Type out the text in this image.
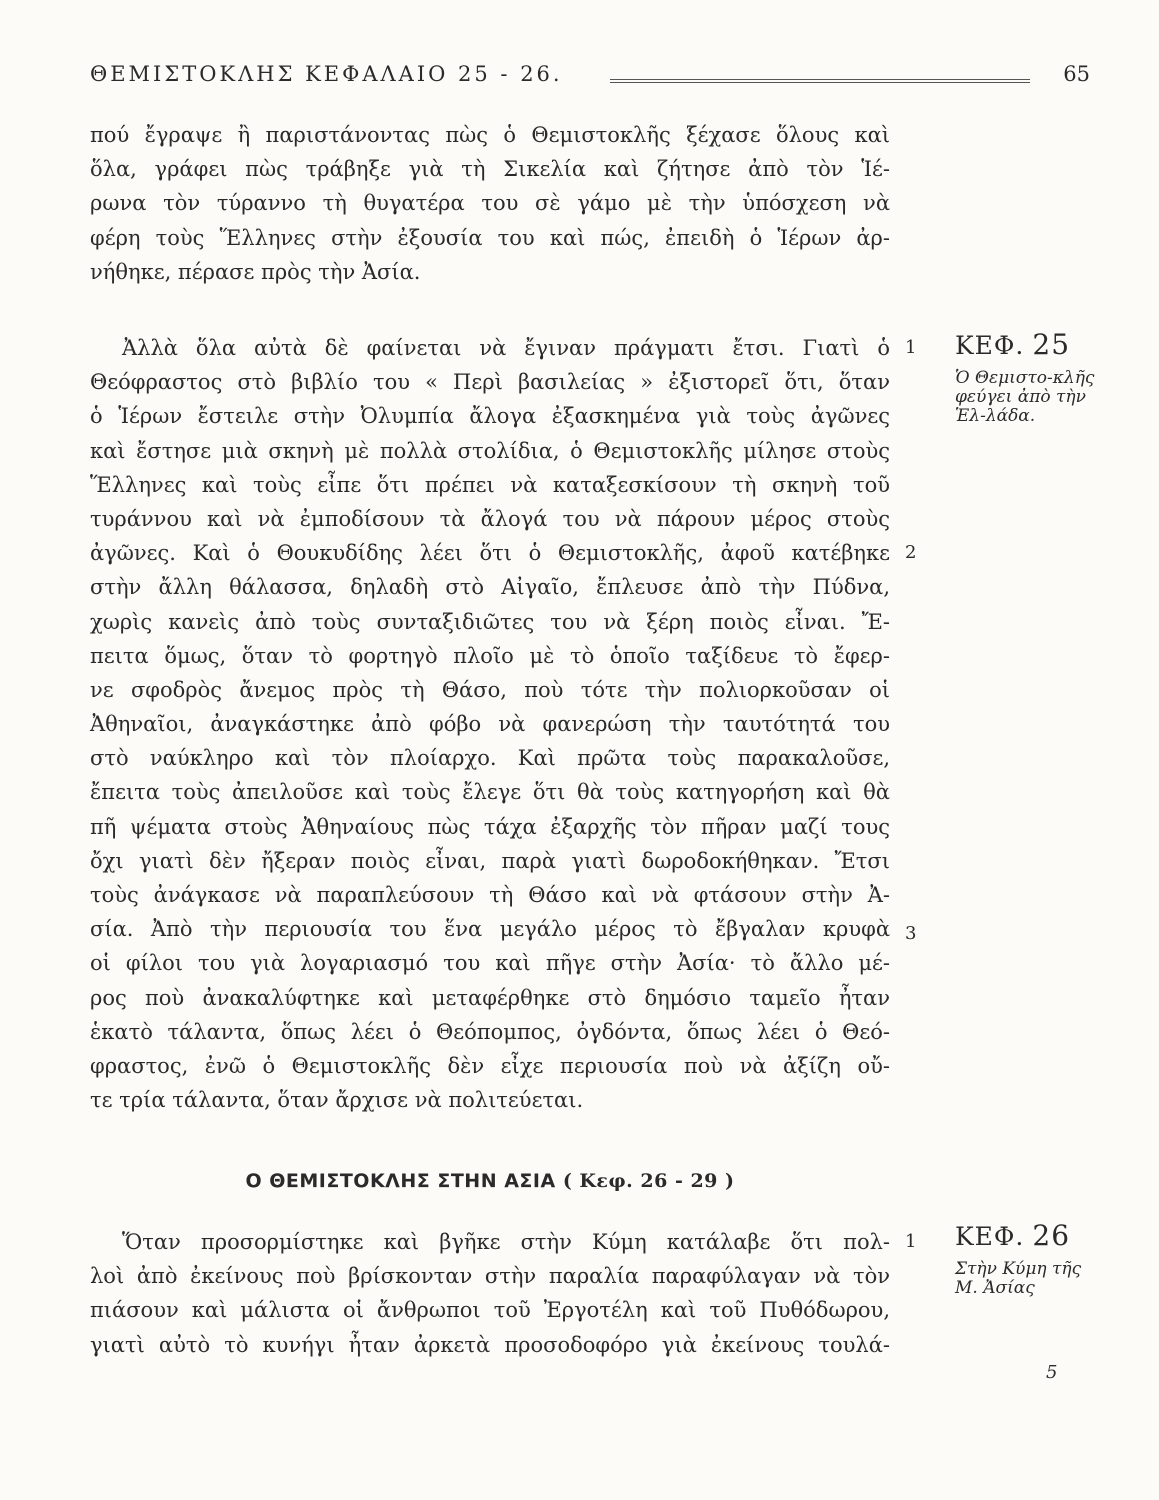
ΘΕΜΙΣΤΟΚΛΗΣ ΚΕΦΑΛΑΙΟ 25 - 26.	65
πού ἔγραψε ἢ παριστάνοντας πὼς ὁ Θεμιστοκλῆς ξέχασε ὅλους καὶ
ὅλα, γράφει πὼς τράβηξε γιὰ τὴ Σικελία καὶ ζήτησε ἀπὸ τὸν Ἱέ-
ρωνα τὸν τύραννο τὴ θυγατέρα του σὲ γάμο μὲ τὴν ὑπόσχεση νὰ
φέρη τοὺς Ἕλληνες στὴν ἐξουσία του καὶ πώς, ἐπειδὴ ὁ Ἱέρων ἀρ-
νήθηκε, πέρασε πρὸς τὴν Ἀσία.
Ἀλλὰ ὅλα αὐτὰ δὲ φαίνεται νὰ ἔγιναν πράγματι ἔτσι. Γιατὶ ὁ
Θεόφραστος στὸ βιβλίο του « Περὶ βασιλείας » ἐξιστορεῖ ὅτι, ὅταν
ὁ Ἱέρων ἔστειλε στὴν Ὀλυμπία ἄλογα ἐξασκημένα γιὰ τοὺς ἀγῶνες
καὶ ἔστησε μιὰ σκηνὴ μὲ πολλὰ στολίδια, ὁ Θεμιστοκλῆς μίλησε στοὺς
Ἕλληνες καὶ τοὺς εἶπε ὅτι πρέπει νὰ καταξεσκίσουν τὴ σκηνὴ τοῦ
τυράννου καὶ νὰ ἐμποδίσουν τὰ ἄλογά του νὰ πάρουν μέρος στοὺς
ἀγῶνες. Καὶ ὁ Θουκυδίδης λέει ὅτι ὁ Θεμιστοκλῆς, ἀφοῦ κατέβηκε
στὴν ἄλλη θάλασσα, δηλαδὴ στὸ Αἰγαῖο, ἔπλευσε ἀπὸ τὴν Πύδνα,
χωρὶς κανεὶς ἀπὸ τοὺς συνταξιδιῶτες του νὰ ξέρη ποιὸς εἶναι. Ἔ-
πειτα ὅμως, ὅταν τὸ φορτηγὸ πλοῖο μὲ τὸ ὁποῖο ταξίδευε τὸ ἔφερ-
νε σφοδρὸς ἄνεμος πρὸς τὴ Θάσο, ποὺ τότε τὴν πολιορκοῦσαν οἱ
Ἀθηναῖοι, ἀναγκάστηκε ἀπὸ φόβο νὰ φανερώση τὴν ταυτότητά του
στὸ ναύκληρο καὶ τὸν πλοίαρχο. Καὶ πρῶτα τοὺς παρακαλοῦσε,
ἔπειτα τοὺς ἀπειλοῦσε καὶ τοὺς ἔλεγε ὅτι θὰ τοὺς κατηγορήση καὶ θὰ
πῆ ψέματα στοὺς Ἀθηναίους πὼς τάχα ἐξαρχῆς τὸν πῆραν μαζί τους
ὄχι γιατὶ δὲν ἤξεραν ποιὸς εἶναι, παρὰ γιατὶ δωροδοκήθηκαν. Ἔτσι
τοὺς ἀνάγκασε νὰ παραπλεύσουν τὴ Θάσο καὶ νὰ φτάσουν στὴν Ἀ-
σία. Ἀπὸ τὴν περιουσία του ἕνα μεγάλο μέρος τὸ ἔβγαλαν κρυφὰ
οἱ φίλοι του γιὰ λογαριασμό του καὶ πῆγε στὴν Ἀσία· τὸ ἄλλο μέ-
ρος ποὺ ἀνακαλύφτηκε καὶ μεταφέρθηκε στὸ δημόσιο ταμεῖο ἦταν
ἑκατὸ τάλαντα, ὅπως λέει ὁ Θεόπομπος, ὀγδόντα, ὅπως λέει ὁ Θεό-
φραστος, ἐνῶ ὁ Θεμιστοκλῆς δὲν εἶχε περιουσία ποὺ νὰ ἀξίζη οὔ-
τε τρία τάλαντα, ὅταν ἄρχισε νὰ πολιτεύεται.
Ο ΘΕΜΙΣΤΟΚΛΗΣ ΣΤΗΝ ΑΣΙΑ ( Κεφ. 26 - 29 )
Ὅταν προσορμίστηκε καὶ βγῆκε στὴν Κύμη κατάλαβε ὅτι πολ-
λοὶ ἀπὸ ἐκείνους ποὺ βρίσκονταν στὴν παραλία παραφύλαγαν νὰ τὸν
πιάσουν καὶ μάλιστα οἱ ἄνθρωποι τοῦ Ἐργοτέλη καὶ τοῦ Πυθόδωρου,
γιατὶ αὐτὸ τὸ κυνήγι ἦταν ἀρκετὰ προσοδοφόρο γιὰ ἐκείνους τουλά-
1
2
3
1
ΚΕΦ. 25
Ὁ Θεμιστο-κλῆς φεύγει ἀπὸ τὴν Ἑλ-λάδα.
ΚΕΦ. 26
Στὴν Κύμη τῆς Μ. Ἀσίας
5
